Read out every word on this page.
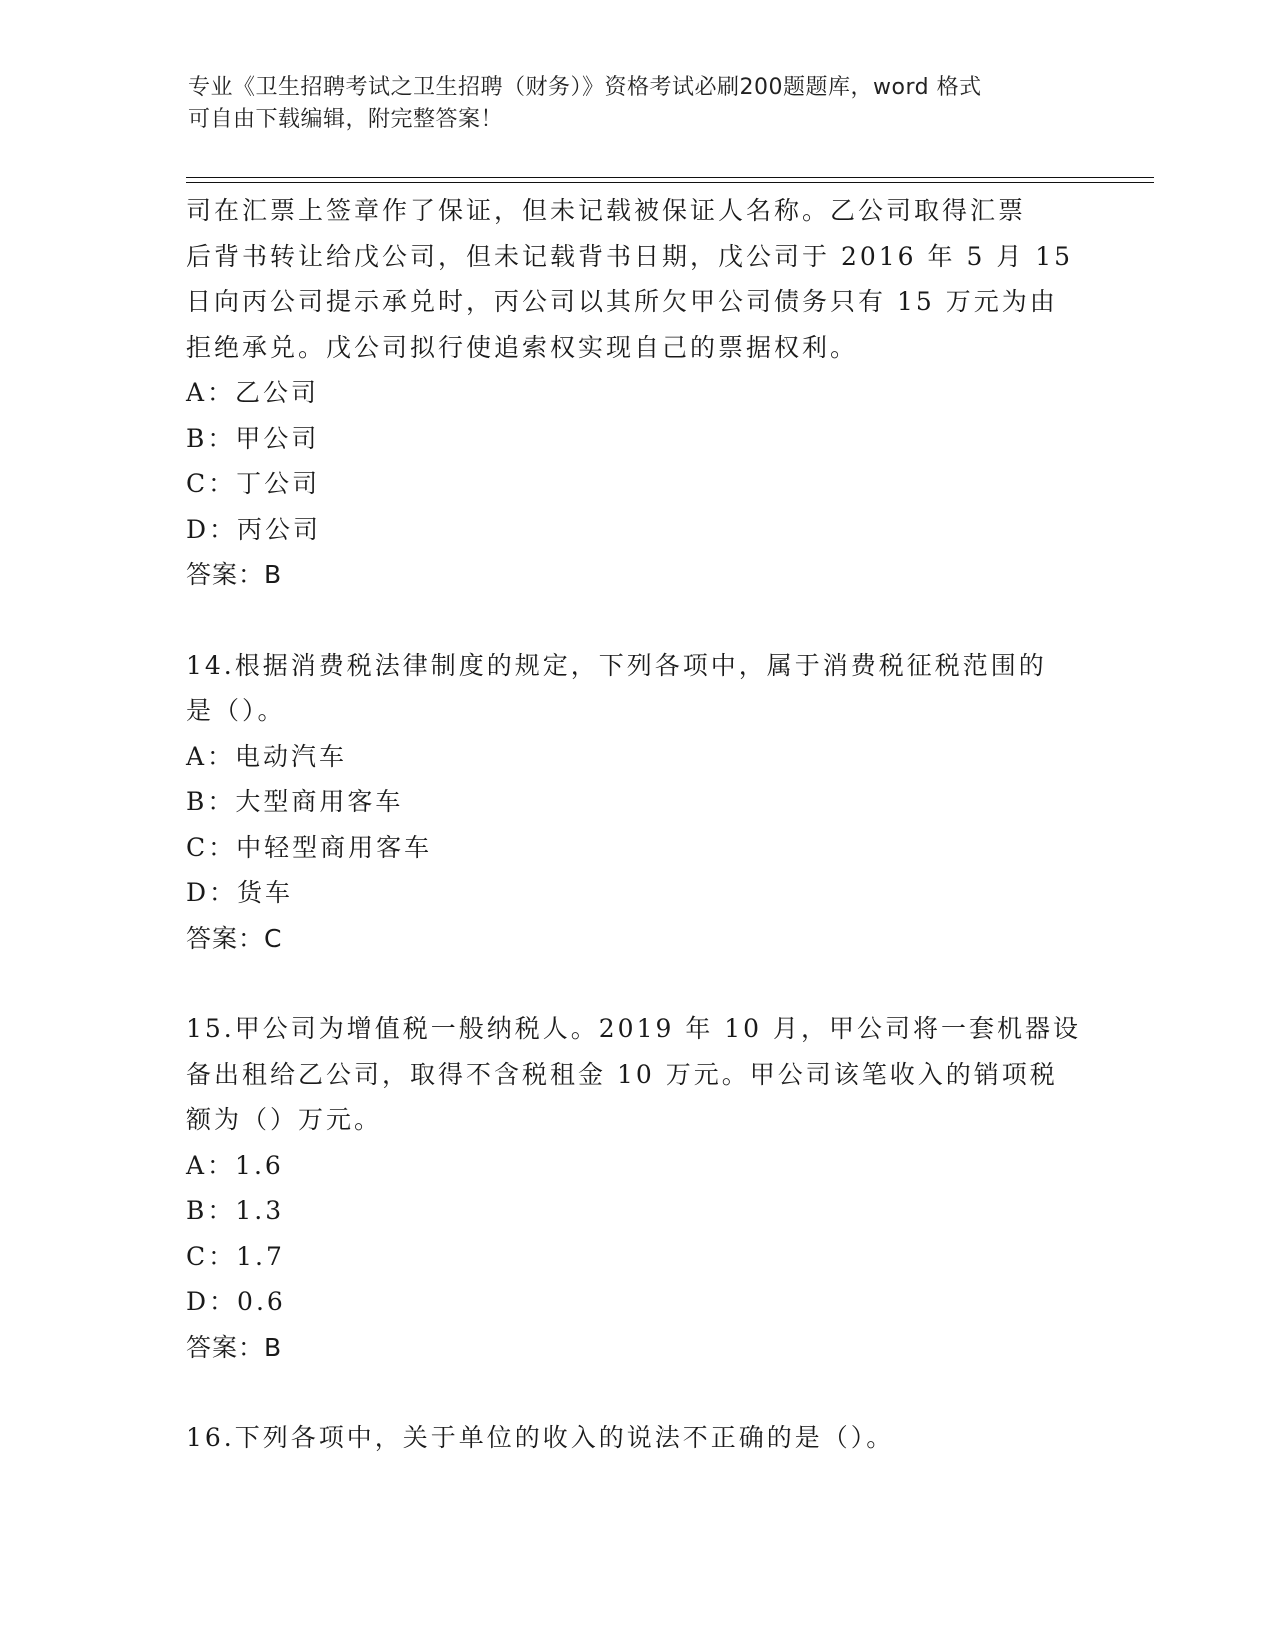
专业《卫生招聘考试之卫生招聘（财务）》资格考试必刷200题题库，word 格式
可自由下载编辑，附完整答案！
司在汇票上签章作了保证，但未记载被保证人名称。乙公司取得汇票
后背书转让给戊公司，但未记载背书日期，戊公司于 2016 年 5 月 15
日向丙公司提示承兑时，丙公司以其所欠甲公司债务只有 15 万元为由
拒绝承兑。戊公司拟行使追索权实现自己的票据权利。
A：乙公司
B：甲公司
C：丁公司
D：丙公司
答案：B
14.根据消费税法律制度的规定，下列各项中，属于消费税征税范围的
是（）。
A：电动汽车
B：大型商用客车
C：中轻型商用客车
D：货车
答案：C
15.甲公司为增值税一般纳税人。2019 年 10 月，甲公司将一套机器设
备出租给乙公司，取得不含税租金 10 万元。甲公司该笔收入的销项税
额为（）万元。
A：1.6
B：1.3
C：1.7
D：0.6
答案：B
16.下列各项中，关于单位的收入的说法不正确的是（）。
